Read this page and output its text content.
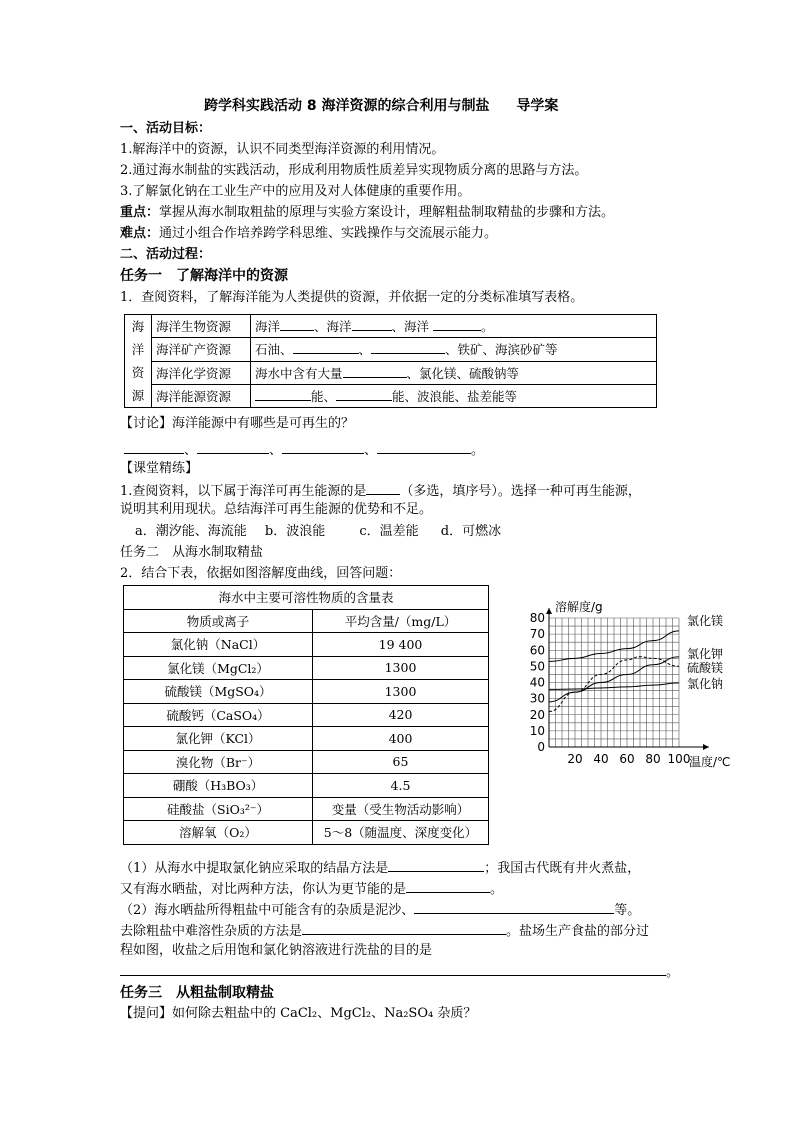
跨学科实践活动 8 海洋资源的综合利用与制盐 导学案
一、活动目标：
1.解海洋中的资源，认识不同类型海洋资源的利用情况。
2.通过海水制盐的实践活动，形成利用物质性质差异实现物质分离的思路与方法。
3.了解氯化钠在工业生产中的应用及对人体健康的重要作用。
重点：掌握从海水制取粗盐的原理与实验方案设计，理解粗盐制取精盐的步骤和方法。
难点：通过小组合作培养跨学科思维、实践操作与交流展示能力。
二、活动过程：
任务一　了解海洋中的资源
1．查阅资料，了解海洋能为人类提供的资源，并依据一定的分类标准填写表格。
海
洋
资
源	海洋生物资源	海洋 、海洋 、海洋 。
	海洋矿产资源	石油、 、 、铁矿、海滨砂矿等
	海洋化学资源	海水中含有大量 、氯化镁、硫酸钠等
	海洋能源资源	能、 能、波浪能、盐差能等
【讨论】海洋能源中有哪些是可再生的？
、	、	、	。
【课堂精练】
1.查阅资料，以下属于海洋可再生能源的是	（多选，填序号）。选择一种可再生能源，
说明其利用现状。总结海洋可再生能源的优势和不足。
a．潮汐能、海流能 b．波浪能	c．温差能 d．可燃冰
任务二　从海水制取精盐
2．结合下表，依据如图溶解度曲线，回答问题：
海水中主要可溶性物质的含量表	
物质或离子	平均含量/（mg/L）
氯化钠（NaCl）	19 400
氯化镁（MgCl₂）	1300
硫酸镁（MgSO₄）	1300
硫酸钙（CaSO₄）	420
氯化钾（KCl）	400
溴化物（Br⁻）	65
硼酸（H₃BO₃）	4.5
硅酸盐（SiO₃²⁻）	变量（受生物活动影响）
溶解氧（O₂）	5～8（随温度、深度变化）
0
10
20
30
40
50
60
70
80
20 40 60 80 100
溶解度/g
温度/℃
氯化镁
氯化钾
硫酸镁
氯化钠
（1）从海水中提取氯化钠应采取的结晶方法是	；我国古代既有井火煮盐，
又有海水晒盐，对比两种方法，你认为更节能的是	。
（2）海水晒盐所得粗盐中可能含有的杂质是泥沙、	等。
去除粗盐中难溶性杂质的方法是	。盐场生产食盐的部分过
程如图，收盐之后用饱和氯化钠溶液进行洗盐的目的是
。
任务三　从粗盐制取精盐
【提问】如何除去粗盐中的 CaCl₂、MgCl₂、Na₂SO₄ 杂质？
